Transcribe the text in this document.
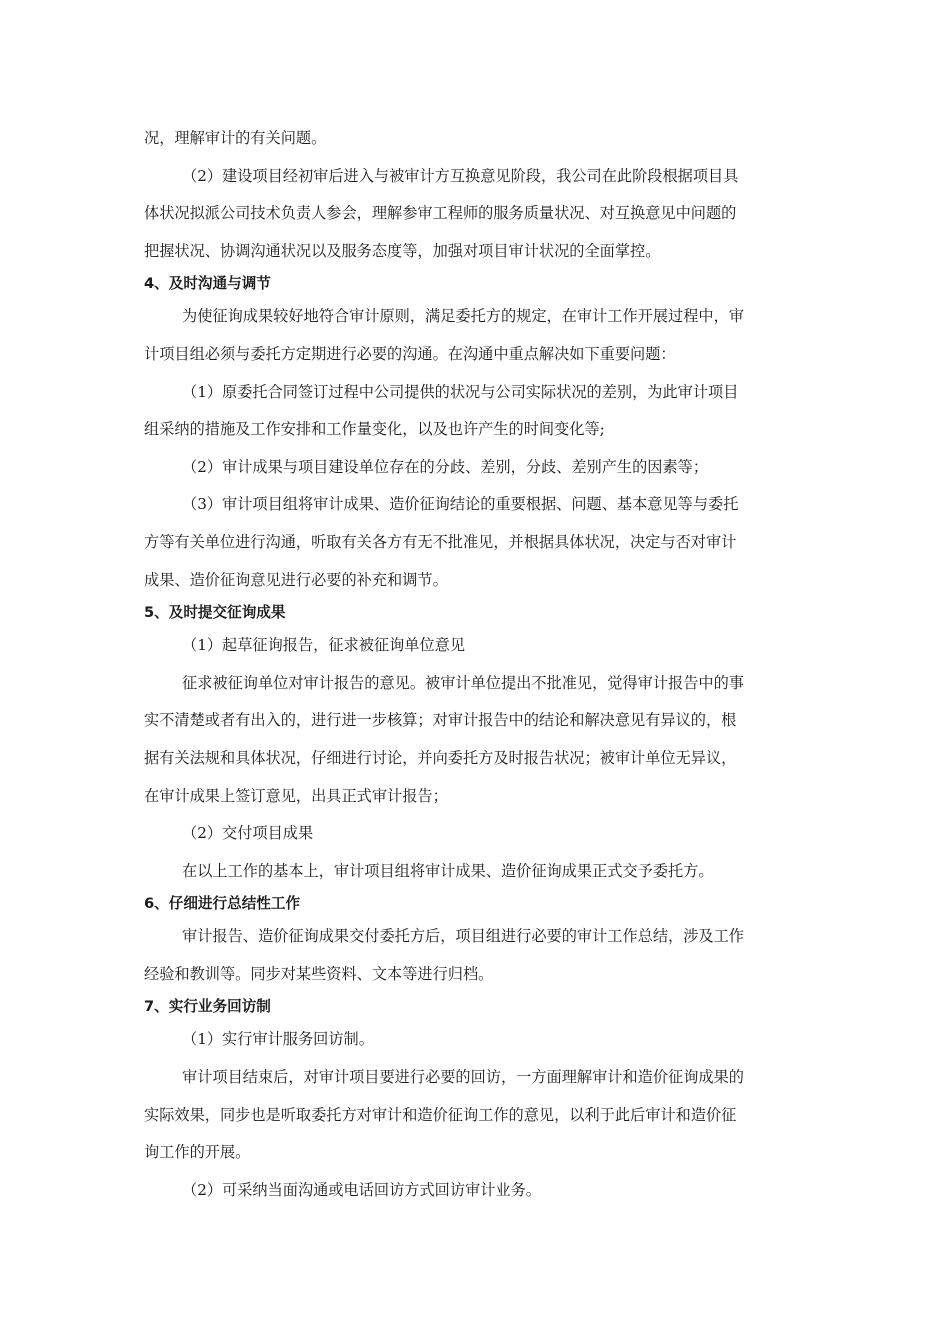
况，理解审计的有关问题。

（2）建设项目经初审后进入与被审计方互换意见阶段，我公司在此阶段根据项目具

体状况拟派公司技术负责人参会，理解参审工程师的服务质量状况、对互换意见中问题的

把握状况、协调沟通状况以及服务态度等，加强对项目审计状况的全面掌控。

4、及时沟通与调节

为使征询成果较好地符合审计原则，满足委托方的规定，在审计工作开展过程中，审

计项目组必须与委托方定期进行必要的沟通。在沟通中重点解决如下重要问题：

（1）原委托合同签订过程中公司提供的状况与公司实际状况的差别，为此审计项目

组采纳的措施及工作安排和工作量变化，以及也许产生的时间变化等;

（2）审计成果与项目建设单位存在的分歧、差别，分歧、差别产生的因素等；

（3）审计项目组将审计成果、造价征询结论的重要根据、问题、基本意见等与委托

方等有关单位进行沟通，听取有关各方有无不批准见，并根据具体状况，决定与否对审计

成果、造价征询意见进行必要的补充和调节。

5、及时提交征询成果

（1）起草征询报告，征求被征询单位意见

征求被征询单位对审计报告的意见。被审计单位提出不批准见，觉得审计报告中的事

实不清楚或者有出入的，进行进一步核算；对审计报告中的结论和解决意见有异议的，根

据有关法规和具体状况，仔细进行讨论，并向委托方及时报告状况；被审计单位无异议，

在审计成果上签订意见，出具正式审计报告；

（2）交付项目成果

在以上工作的基本上，审计项目组将审计成果、造价征询成果正式交予委托方。

6、仔细进行总结性工作

审计报告、造价征询成果交付委托方后，项目组进行必要的审计工作总结，涉及工作

经验和教训等。同步对某些资料、文本等进行归档。

7、实行业务回访制

（1）实行审计服务回访制。

审计项目结束后，对审计项目要进行必要的回访，一方面理解审计和造价征询成果的

实际效果，同步也是听取委托方对审计和造价征询工作的意见，以利于此后审计和造价征

询工作的开展。

（2）可采纳当面沟通或电话回访方式回访审计业务。
